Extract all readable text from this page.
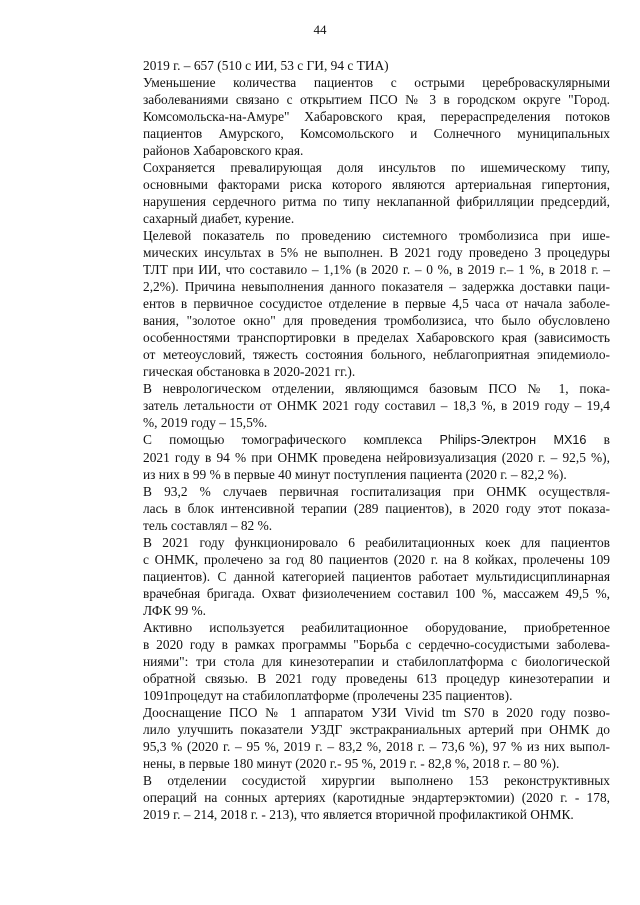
44

2019 г. – 657 (510 с ИИ, 53 с ГИ, 94 с ТИА)

Уменьшение количества пациентов с острыми цереброваскулярными
заболеваниями связано с открытием ПСО № 3 в городском округе "Город.
Комсомольска-на-Амуре" Хабаровского края, перераспределения потоков
пациентов Амурского, Комсомольского и Солнечного муниципальных
районов Хабаровского края.

Сохраняется превалирующая доля инсультов по ишемическому типу,
основными факторами риска которого являются артериальная гипертония,
нарушения сердечного ритма по типу неклапанной фибрилляции предсердий,
сахарный диабет, курение.

Целевой показатель по проведению системного тромболизиса при ише-
мических инсультах в 5% не выполнен. В 2021 году проведено 3 процедуры
ТЛТ при ИИ, что составило – 1,1% (в 2020 г. – 0 %, в 2019 г.– 1 %, в 2018 г. –
2,2%). Причина невыполнения данного показателя – задержка доставки паци-
ентов в первичное сосудистое отделение в первые 4,5 часа от начала заболе-
вания, "золотое окно" для проведения тромболизиса, что было обусловлено
особенностями транспортировки в пределах Хабаровского края (зависимость
от метеоусловий, тяжесть состояния больного, неблагоприятная эпидемиоло-
гическая обстановка в 2020-2021 гг.).

В неврологическом отделении, являющимся базовым ПСО № 1, пока-
затель летальности от ОНМК 2021 году составил – 18,3 %, в 2019 году – 19,4
%, 2019 году – 15,5%.

С помощью томографического комплекса Philips-Электрон MX16 в
2021 году в 94 % при ОНМК проведена нейровизуализация (2020 г. – 92,5 %),
из них в 99 % в первые 40 минут поступления пациента (2020 г. – 82,2 %).

В 93,2 % случаев первичная госпитализация при ОНМК осуществля-
лась в блок интенсивной терапии (289 пациентов), в 2020 году этот показа-
тель составлял – 82 %.

В 2021 году функционировало 6 реабилитационных коек для пациентов
с ОНМК, пролечено за год 80 пациентов (2020 г. на 8 койках, пролечены 109
пациентов). С данной категорией пациентов работает мультидисциплинарная
врачебная бригада. Охват физиолечением составил 100 %, массажем 49,5 %,
ЛФК 99 %.

Активно используется реабилитационное оборудование, приобретенное
в 2020 году в рамках программы "Борьба с сердечно-сосудистыми заболева-
ниями": три стола для кинезотерапии и стабилоплатформа с биологической
обратной связью. В 2021 году проведены 613 процедур кинезотерапии и
1091процедут на стабилоплатформе (пролечены 235 пациентов).

Дооснащение ПСО № 1 аппаратом УЗИ Vivid tm S70 в 2020 году позво-
лило улучшить показатели УЗДГ экстракраниальных артерий при ОНМК до
95,3 % (2020 г. – 95 %, 2019 г. – 83,2 %, 2018 г. – 73,6 %), 97 % из них выпол-
нены, в первые 180 минут (2020 г.- 95 %, 2019 г. - 82,8 %, 2018 г. – 80 %).

В отделении сосудистой хирургии выполнено 153 реконструктивных
операций на сонных артериях (каротидные эндартерэктомии) (2020 г. - 178,
2019 г. – 214, 2018 г. - 213), что является вторичной профилактикой ОНМК.
